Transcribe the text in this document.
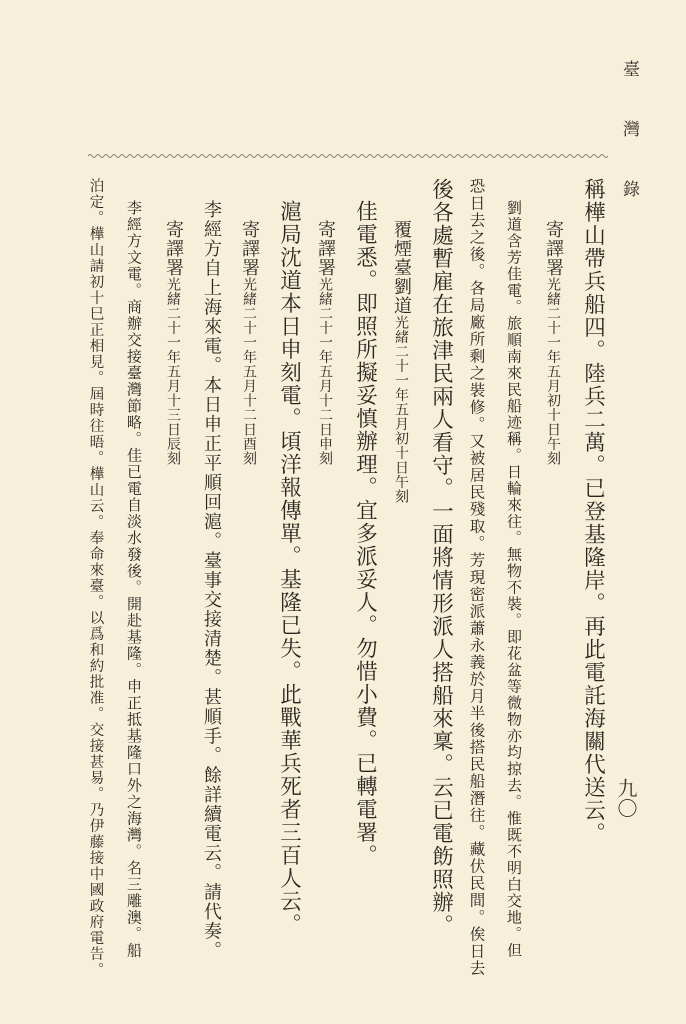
臺　灣　錄
九〇
稱樺山帶兵船四。陸兵二萬。已登基隆岸。再此電託海關代送云。
寄譯署光緒二十一年五月初十日午刻
劉道含芳佳電。旅順南來民船迹稱。日輪來往。無物不裝。即花盆等微物亦均掠去。惟既不明白交地。但
恐日去之後。各局廠所剩之裝修。又被居民殘取。芳現密派蕭永義於月半後搭民船潛往。藏伏民間。俟日去
後各處暫雇在旅津民兩人看守。一面將情形派人搭船來稟。云已電飭照辦。
覆煙臺劉道光緒二十一年五月初十日午刻
佳電悉。即照所擬妥慎辦理。宜多派妥人。勿惜小費。已轉電署。
寄譯署光緒二十一年五月十二日申刻
滬局沈道本日申刻電。頃洋報傳單。基隆已失。此戰華兵死者三百人云。
寄譯署光緒二十一年五月十二日酉刻
李經方自上海來電。本日申正平順回滬。臺事交接清楚。甚順手。餘詳續電云。請代奏。
寄譯署光緒二十一年五月十三日辰刻
李經方文電。商辦交接臺灣節略。佳已電自淡水發後。開赴基隆。申正抵基隆口外之海灣。名三雕澳。船
泊定。樺山請初十巳正相見。屆時往晤。樺山云。奉命來臺。以爲和約批准。交接甚易。乃伊藤接中國政府電告。
